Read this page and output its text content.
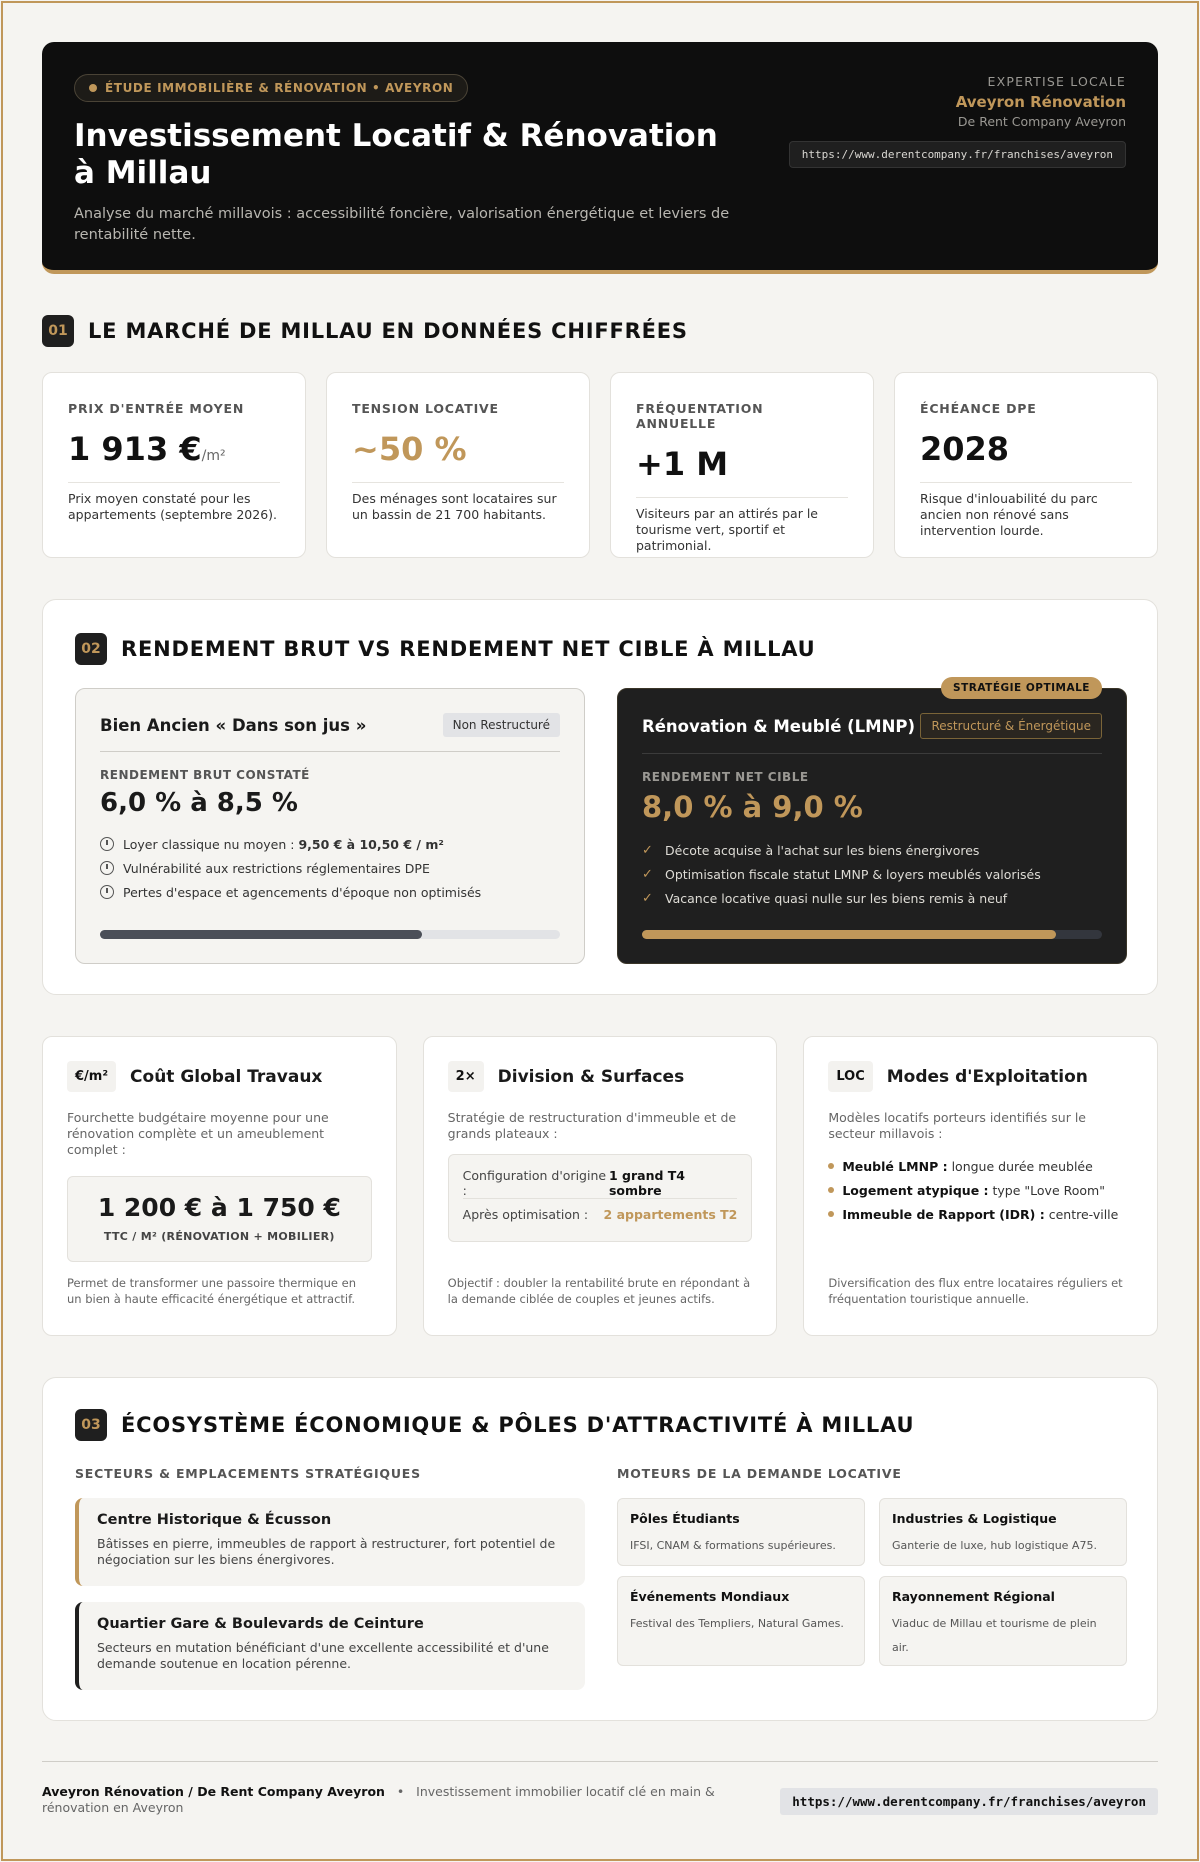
ÉTUDE IMMOBILIÈRE & RÉNOVATION • AVEYRON
Investissement Locatif & Rénovation à Millau
Analyse du marché millavois : accessibilité foncière, valorisation énergétique et leviers de rentabilité nette.
EXPERTISE LOCALE
Aveyron Rénovation
De Rent Company Aveyron
https://www.derentcompany.fr/franchises/aveyron
01 LE MARCHÉ DE MILLAU EN DONNÉES CHIFFRÉES
PRIX D'ENTRÉE MOYEN
1 913 €/m²
Prix moyen constaté pour les appartements (septembre 2026).
TENSION LOCATIVE
~50 %
Des ménages sont locataires sur un bassin de 21 700 habitants.
FRÉQUENTATION ANNUELLE
+1 M
Visiteurs par an attirés par le tourisme vert, sportif et patrimonial.
ÉCHÉANCE DPE
2028
Risque d'inlouabilité du parc ancien non rénové sans intervention lourde.
02 RENDEMENT BRUT VS RENDEMENT NET CIBLE À MILLAU
Bien Ancien « Dans son jus »	Non Restructuré
RENDEMENT BRUT CONSTATÉ
6,0 % à 8,5 %
Loyer classique nu moyen : 9,50 € à 10,50 € / m²
Vulnérabilité aux restrictions réglementaires DPE
Pertes d'espace et agencements d'époque non optimisés
STRATÉGIE OPTIMALE
Rénovation & Meublé (LMNP)	Restructuré & Énergétique
RENDEMENT NET CIBLE
8,0 % à 9,0 %
✓ Décote acquise à l'achat sur les biens énergivores
✓ Optimisation fiscale statut LMNP & loyers meublés valorisés
✓ Vacance locative quasi nulle sur les biens remis à neuf
€/m²	Coût Global Travaux
Fourchette budgétaire moyenne pour une rénovation complète et un ameublement complet :
1 200 € à 1 750 €
TTC / M² (RÉNOVATION + MOBILIER)
Permet de transformer une passoire thermique en un bien à haute efficacité énergétique et attractif.
2×	Division & Surfaces
Stratégie de restructuration d'immeuble et de grands plateaux :
Configuration d'origine :
1 grand T4 sombre
Après optimisation : 2 appartements T2
Objectif : doubler la rentabilité brute en répondant à la demande ciblée de couples et jeunes actifs.
LOC	Modes d'Exploitation
Modèles locatifs porteurs identifiés sur le secteur millavois :
Meublé LMNP : longue durée meublée
Logement atypique : type "Love Room"
Immeuble de Rapport (IDR) : centre-ville
Diversification des flux entre locataires réguliers et fréquentation touristique annuelle.
03 ÉCOSYSTÈME ÉCONOMIQUE & PÔLES D'ATTRACTIVITÉ À MILLAU
SECTEURS & EMPLACEMENTS STRATÉGIQUES	MOTEURS DE LA DEMANDE LOCATIVE
Centre Historique & Écusson

Bâtisses en pierre, immeubles de rapport à restructurer, fort potentiel de négociation sur les biens énergivores.

Quartier Gare & Boulevards de Ceinture

Secteurs en mutation bénéficiant d'une excellente accessibilité et d'une demande soutenue en location pérenne.

Pôles Étudiants

IFSI, CNAM & formations supérieures.

Industries & Logistique

Ganterie de luxe, hub logistique A75.

Événements Mondiaux

Festival des Templiers, Natural Games.

Rayonnement Régional

Viaduc de Millau et tourisme de plein air.

Aveyron Rénovation / De Rent Company Aveyron • Investissement immobilier locatif clé en main & rénovation en Aveyron	https://www.derentcompany.fr/franchises/aveyron
